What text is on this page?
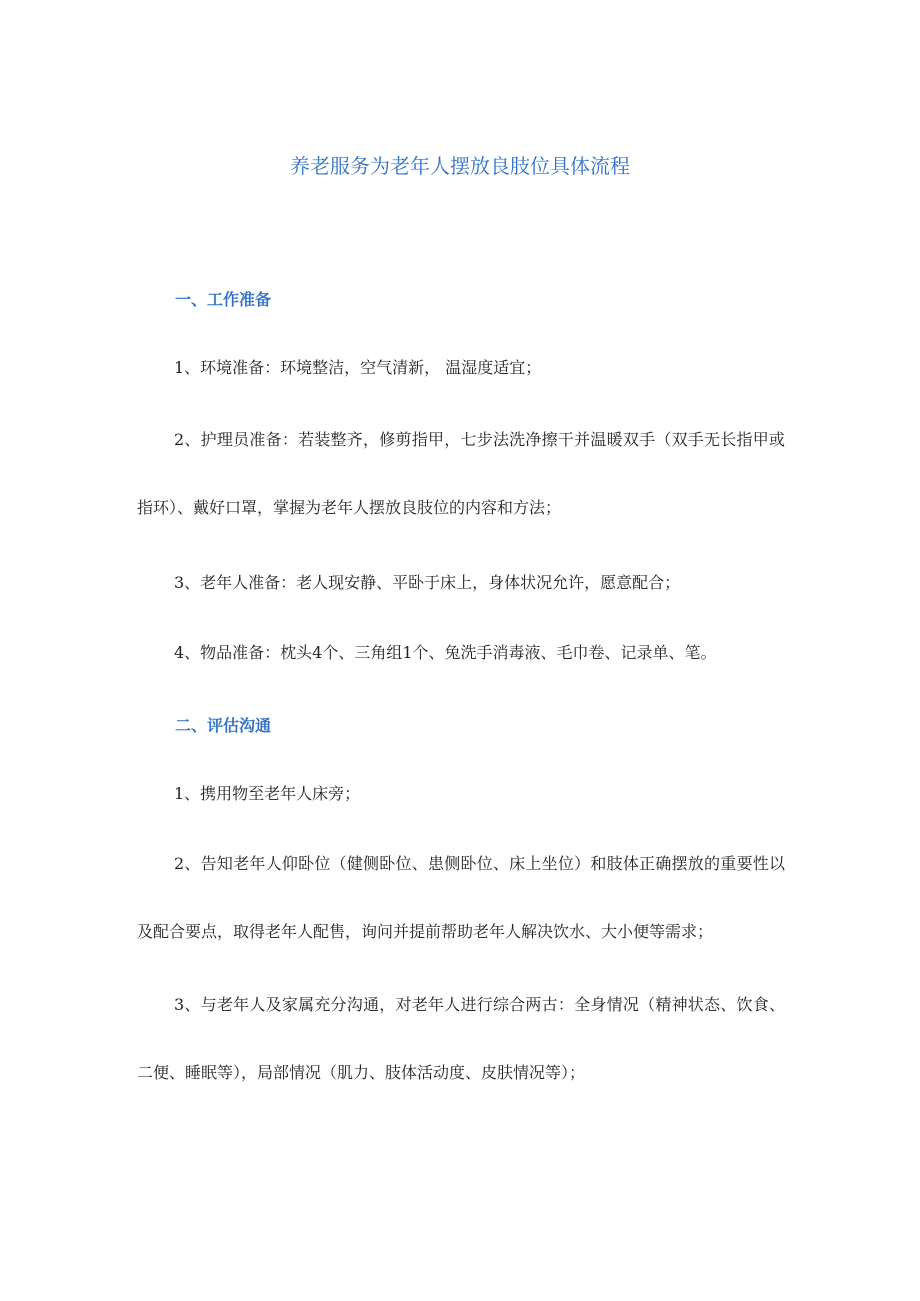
养老服务为老年人摆放良肢位具体流程
一、工作准备

1、环境准备：环境整洁，空气清新， 温湿度适宜；

2、护理员准备：若装整齐，修剪指甲，七步法洗净擦干并温暖双手（双手无长指甲或指环）、戴好口罩，掌握为老年人摆放良肢位的内容和方法；

3、老年人准备：老人现安静、平卧于床上，身体状况允许，愿意配合；

4、物品准备：枕头4个、三角组1个、兔洗手消毒液、毛巾卷、记录单、笔。

二、评估沟通

1、携用物至老年人床旁；

2、告知老年人仰卧位（健侧卧位、患侧卧位、床上坐位）和肢体正确摆放的重要性以及配合要点，取得老年人配售，询问并提前帮助老年人解决饮水、大小便等需求；

3、与老年人及家属充分沟通，对老年人进行综合两古：全身情况（精神状态、饮食、二便、睡眠等），局部情况（肌力、肢体活动度、皮肤情况等）；
